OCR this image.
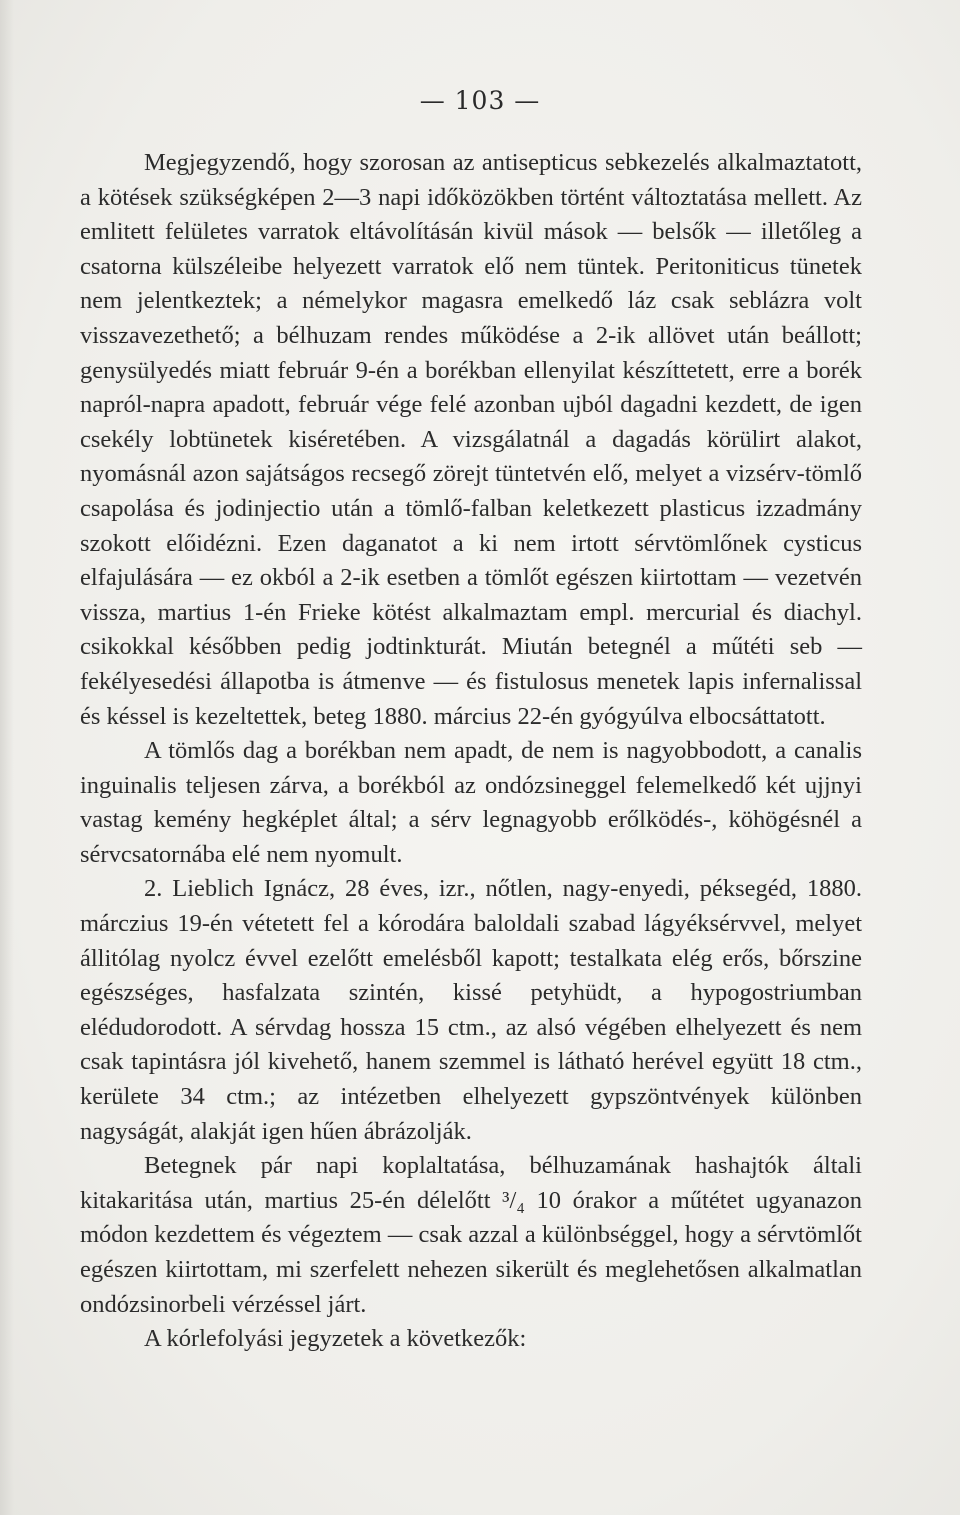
— 103 —

Megjegyzendő, hogy szorosan az antisepticus sebkezelés alkalmaztatott, a kötések szükségképen 2—3 napi időközökben történt változtatása mellett. Az emlitett felületes varratok eltávolításán kivül mások — belsők — illetőleg a csatorna külszéleibe helyezett varratok elő nem tüntek. Peritoniticus tünetek nem jelentkeztek; a némelykor magasra emelkedő láz csak seblázra volt visszavezethető; a bélhuzam rendes működése a 2-ik allövet után beállott; genysülyedés miatt február 9-én a borékban ellenyilat készíttetett, erre a borék napról-napra apadott, február vége felé azonban ujból dagadni kezdett, de igen csekély lobtünetek kiséretében. A vizsgálatnál a dagadás körülirt alakot, nyomásnál azon sajátságos recsegő zörejt tüntetvén elő, melyet a vizsérv-tömlő csapolása és jodinjectio után a tömlő-falban keletkezett plasticus izzadmány szokott előidézni. Ezen daganatot a ki nem irtott sérvtömlőnek cysticus elfajulására — ez okból a 2-ik esetben a tömlőt egészen kiirtottam — vezetvén vissza, martius 1-én Frieke kötést alkalmaztam empl. mercurial és diachyl. csikokkal későbben pedig jodtinkturát. Miután betegnél a műtéti seb — fekélyesedési állapotba is átmenve — és fistulosus menetek lapis infernalissal és késsel is kezeltettek, beteg 1880. március 22-én gyógyúlva elbocsáttatott.

A tömlős dag a borékban nem apadt, de nem is nagyobbodott, a canalis inguinalis teljesen zárva, a borékból az ondózsineggel felemelkedő két ujjnyi vastag kemény hegképlet által; a sérv legnagyobb erőlködés-, köhögésnél a sérvcsatornába elé nem nyomult.

2. Lieblich Ignácz, 28 éves, izr., nőtlen, nagy-enyedi, péksegéd, 1880. márczius 19-én vétetett fel a kórodára baloldali szabad lágyéksérvvel, melyet állitólag nyolcz évvel ezelőtt emelésből kapott; testalkata elég erős, bőrszine egészséges, hasfalzata szintén, kissé petyhüdt, a hypogostriumban elédudorodott. A sérvdag hossza 15 ctm., az alsó végében elhelyezett és nem csak tapintásra jól kivehető, hanem szemmel is látható herével együtt 18 ctm., kerülete 34 ctm.; az intézetben elhelyezett gypszöntvények különben nagyságát, alakját igen hűen ábrázolják.

Betegnek pár napi koplaltatása, bélhuzamának hashajtók általi kitakaritása után, martius 25-én délelőtt ³/₄ 10 órakor a műtétet ugyanazon módon kezdettem és végeztem — csak azzal a különbséggel, hogy a sérvtömlőt egészen kiirtottam, mi szerfelett nehezen sikerült és meglehetősen alkalmatlan ondózsinorbeli vérzéssel járt.

A kórlefolyási jegyzetek a következők:
